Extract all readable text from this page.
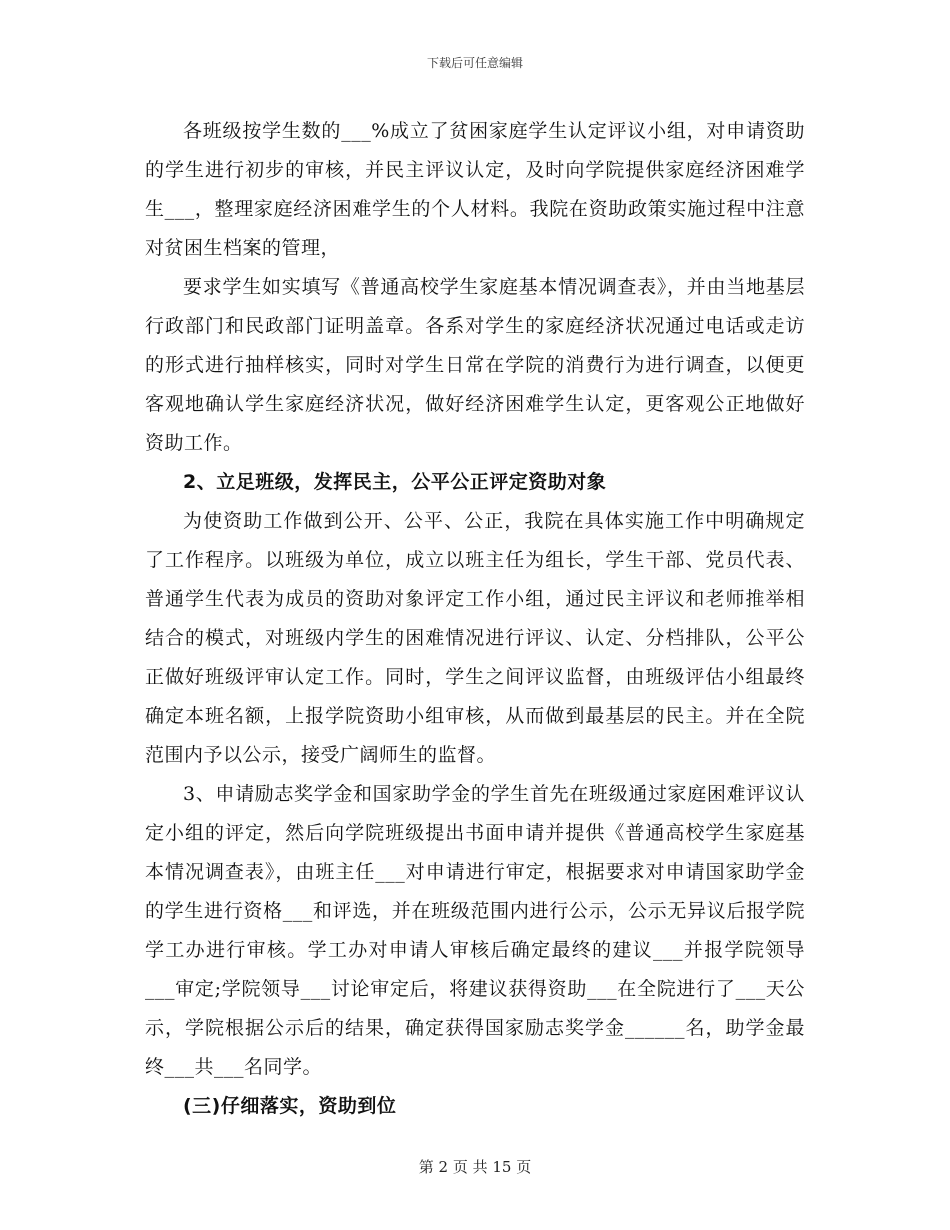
下载后可任意编辑

各班级按学生数的___%成立了贫困家庭学生认定评议小组，对申请资助的学生进行初步的审核，并民主评议认定，及时向学院提供家庭经济困难学生___，整理家庭经济困难学生的个人材料。我院在资助政策实施过程中注意对贫困生档案的管理，

要求学生如实填写《普通高校学生家庭基本情况调查表》，并由当地基层行政部门和民政部门证明盖章。各系对学生的家庭经济状况通过电话或走访的形式进行抽样核实，同时对学生日常在学院的消费行为进行调查，以便更客观地确认学生家庭经济状况，做好经济困难学生认定，更客观公正地做好资助工作。

2、立足班级，发挥民主，公平公正评定资助对象

为使资助工作做到公开、公平、公正，我院在具体实施工作中明确规定了工作程序。以班级为单位，成立以班主任为组长，学生干部、党员代表、普通学生代表为成员的资助对象评定工作小组，通过民主评议和老师推举相结合的模式，对班级内学生的困难情况进行评议、认定、分档排队，公平公正做好班级评审认定工作。同时，学生之间评议监督，由班级评估小组最终确定本班名额，上报学院资助小组审核，从而做到最基层的民主。并在全院范围内予以公示，接受广阔师生的监督。

3、申请励志奖学金和国家助学金的学生首先在班级通过家庭困难评议认定小组的评定，然后向学院班级提出书面申请并提供《普通高校学生家庭基本情况调查表》，由班主任___对申请进行审定，根据要求对申请国家助学金的学生进行资格___和评选，并在班级范围内进行公示，公示无异议后报学院学工办进行审核。学工办对申请人审核后确定最终的建议___并报学院领导___审定;学院领导___讨论审定后，将建议获得资助___在全院进行了___天公示，学院根据公示后的结果，确定获得国家励志奖学金______名，助学金最终___共___名同学。

(三)仔细落实，资助到位

第 2 页 共 15 页
